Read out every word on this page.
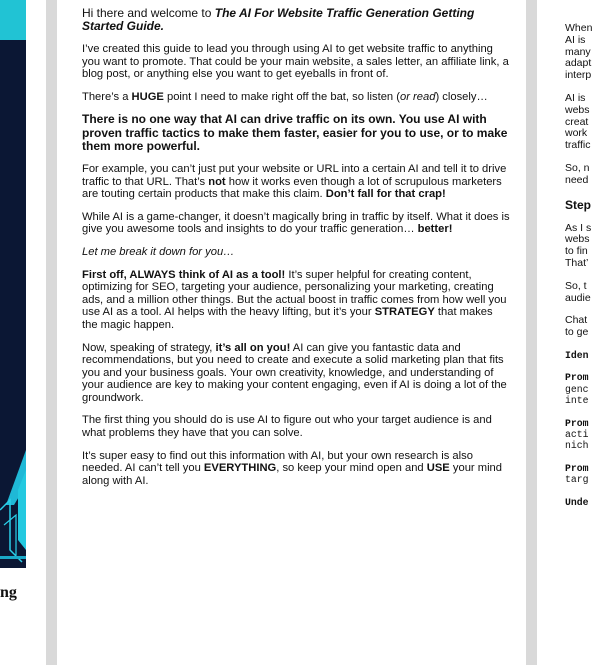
ng

Hi there and welcome to The AI For Website Traffic Generation Getting Started Guide.

I’ve created this guide to lead you through using AI to get website traffic to anything you want to promote. That could be your main website, a sales letter, an affiliate link, a blog post, or anything else you want to get eyeballs in front of.

There’s a HUGE point I need to make right off the bat, so listen (or read) closely…

There is no one way that AI can drive traffic on its own. You use AI with proven traffic tactics to make them faster, easier for you to use, or to make them more powerful.

For example, you can’t just put your website or URL into a certain AI and tell it to drive traffic to that URL. That’s not how it works even though a lot of scrupulous marketers are touting certain products that make this claim. Don’t fall for that crap!

While AI is a game-changer, it doesn’t magically bring in traffic by itself. What it does is give you awesome tools and insights to do your traffic generation… better!

Let me break it down for you…

First off, ALWAYS think of AI as a tool! It’s super helpful for creating content, optimizing for SEO, targeting your audience, personalizing your marketing, creating ads, and a million other things. But the actual boost in traffic comes from how well you use AI as a tool. AI helps with the heavy lifting, but it’s your STRATEGY that makes the magic happen.

Now, speaking of strategy, it’s all on you! AI can give you fantastic data and recommendations, but you need to create and execute a solid marketing plan that fits you and your business goals. Your own creativity, knowledge, and understanding of your audience are key to making your content engaging, even if AI is doing a lot of the groundwork.

The first thing you should do is use AI to figure out who your target audience is and what problems they have that you can solve.

It’s super easy to find out this information with AI, but your own research is also needed. AI can’t tell you EVERYTHING, so keep your mind open and USE your mind along with AI.

When
AI is
many
adapt
interp
AI is
webs
creat
work
traffic
So, n
need
Step
As I s
webs
to fin
That’
So, t
audie
Chat
to ge
Iden
Prom
genc
inte
Prom
acti
nich
Prom
targ
Unde
